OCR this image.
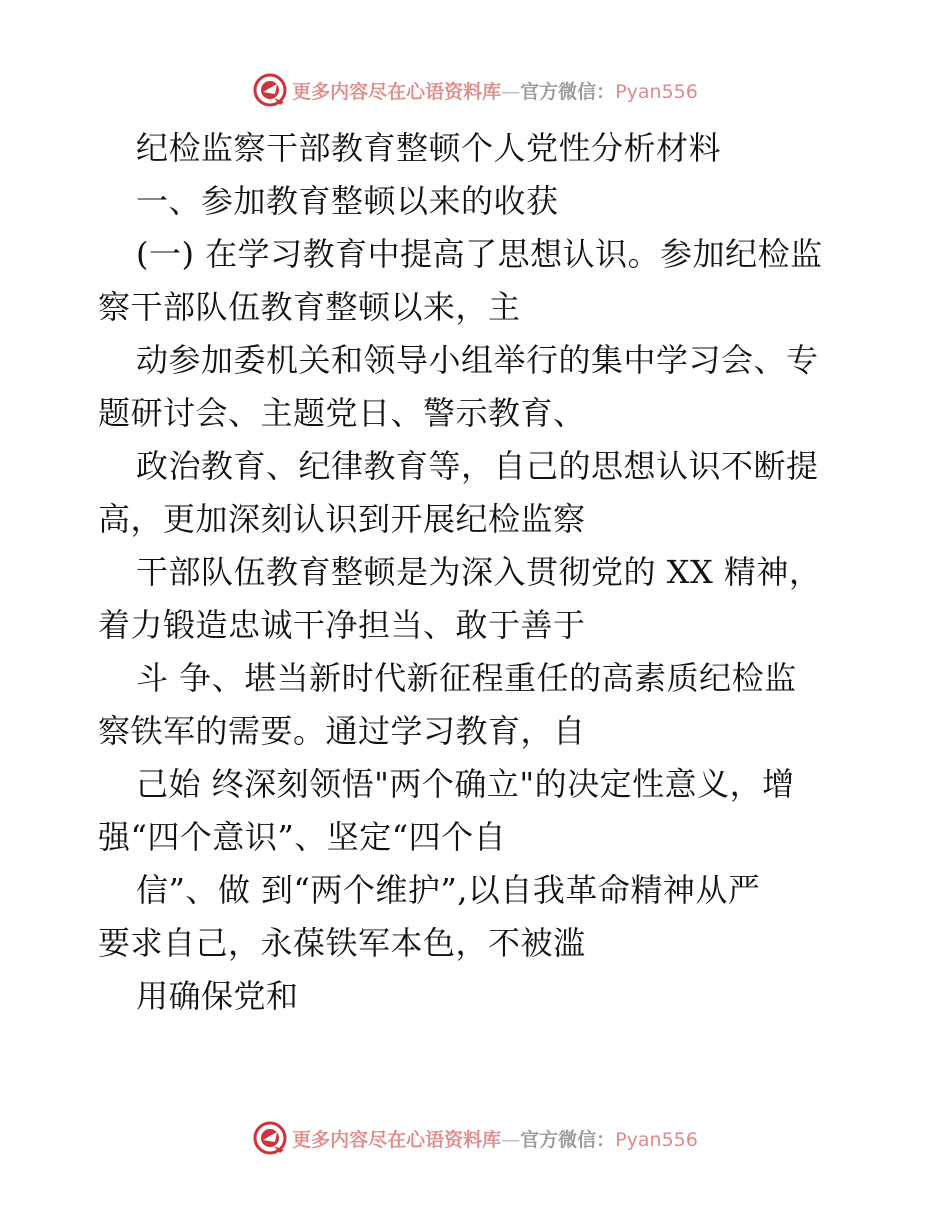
更多内容尽在心语资料库—官方微信：Pyan556
纪检监察干部教育整顿个人党性分析材料
一、参加教育整顿以来的收获
(一) 在学习教育中提高了思想认识。参加纪检监
察干部队伍教育整顿以来，主
动参加委机关和领导小组举行的集中学习会、专
题研讨会、主题党日、警示教育、
政治教育、纪律教育等，自己的思想认识不断提
高，更加深刻认识到开展纪检监察
干部队伍教育整顿是为深入贯彻党的 XX 精神，
着力锻造忠诚干净担当、敢于善于
斗 争、堪当新时代新征程重任的高素质纪检监
察铁军的需要。通过学习教育，自
己始 终深刻领悟"两个确立"的决定性意义，增
强“四个意识”、坚定“四个自
信”、做 到“两个维护”,以自我革命精神从严
要求自己，永葆铁军本色，不被滥
用确保党和
更多内容尽在心语资料库—官方微信：Pyan556
